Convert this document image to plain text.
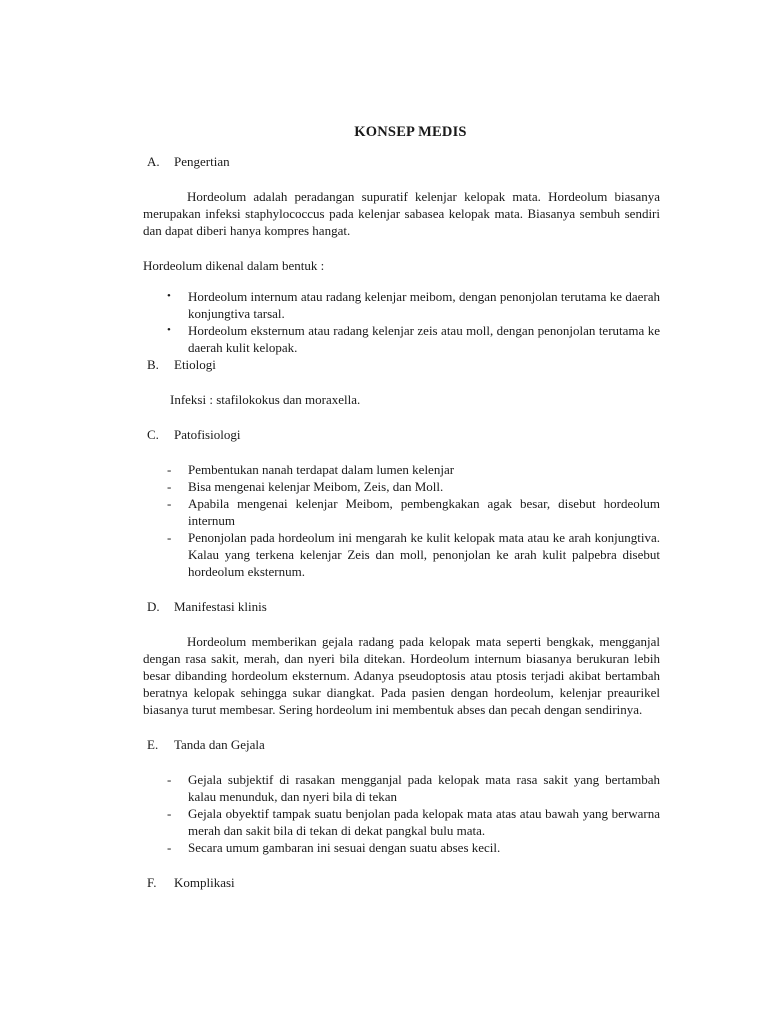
KONSEP MEDIS
A.	Pengertian

Hordeolum adalah peradangan supuratif kelenjar kelopak mata. Hordeolum biasanya merupakan infeksi staphylococcus pada kelenjar sabasea kelopak mata. Biasanya sembuh sendiri dan dapat diberi hanya kompres hangat.

Hordeolum dikenal dalam bentuk :

•	Hordeolum internum atau radang kelenjar meibom, dengan penonjolan terutama ke daerah konjungtiva tarsal.
•	Hordeolum eksternum atau radang kelenjar zeis atau moll, dengan penonjolan terutama ke daerah kulit kelopak.
B.	Etiologi

Infeksi : stafilokokus dan moraxella.

C.	Patofisiologi
-	Pembentukan nanah terdapat dalam lumen kelenjar
-	Bisa mengenai kelenjar Meibom, Zeis, dan Moll.
-	Apabila mengenai kelenjar Meibom, pembengkakan agak besar, disebut hordeolum internum
-	Penonjolan pada hordeolum ini mengarah ke kulit kelopak mata atau ke arah konjungtiva. Kalau yang terkena kelenjar Zeis dan moll, penonjolan ke arah kulit palpebra disebut hordeolum eksternum.
D.	Manifestasi klinis

Hordeolum memberikan gejala radang pada kelopak mata seperti bengkak, mengganjal dengan rasa sakit, merah, dan nyeri bila ditekan. Hordeolum internum biasanya berukuran lebih besar dibanding hordeolum eksternum. Adanya pseudoptosis atau ptosis terjadi akibat bertambah beratnya kelopak sehingga sukar diangkat. Pada pasien dengan hordeolum, kelenjar preaurikel biasanya turut membesar. Sering hordeolum ini membentuk abses dan pecah dengan sendirinya.

E.	Tanda dan Gejala
-	Gejala subjektif di rasakan mengganjal pada kelopak mata rasa sakit yang bertambah kalau menunduk, dan nyeri bila di tekan
-	Gejala obyektif tampak suatu benjolan pada kelopak mata atas atau bawah yang berwarna merah dan sakit bila di tekan di dekat pangkal bulu mata.
-	Secara umum gambaran ini sesuai dengan suatu abses kecil.
F.	Komplikasi
